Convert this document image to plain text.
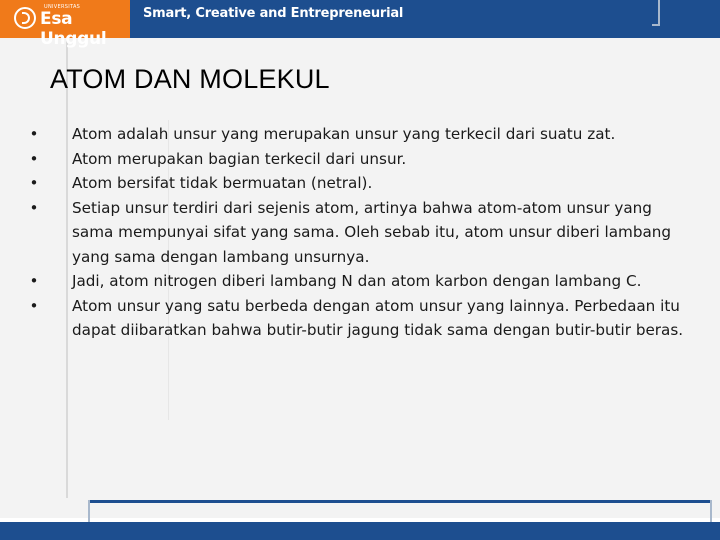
UNIVERSITAS
Esa Unggul
Smart, Creative and Entrepreneurial
ATOM DAN MOLEKUL
• Atom adalah unsur yang merupakan unsur yang terkecil dari suatu zat.
• Atom merupakan bagian terkecil dari unsur.
• Atom bersifat tidak bermuatan (netral).
• Setiap unsur terdiri dari sejenis atom, artinya bahwa atom-atom unsur yang sama mempunyai sifat yang sama. Oleh sebab itu, atom unsur diberi lambang yang sama dengan lambang unsurnya.
• Jadi, atom nitrogen diberi lambang N dan atom karbon dengan lambang C.
• Atom unsur yang satu berbeda dengan atom unsur yang lainnya. Perbedaan itu dapat diibaratkan bahwa butir-butir jagung tidak sama dengan butir-butir beras.
